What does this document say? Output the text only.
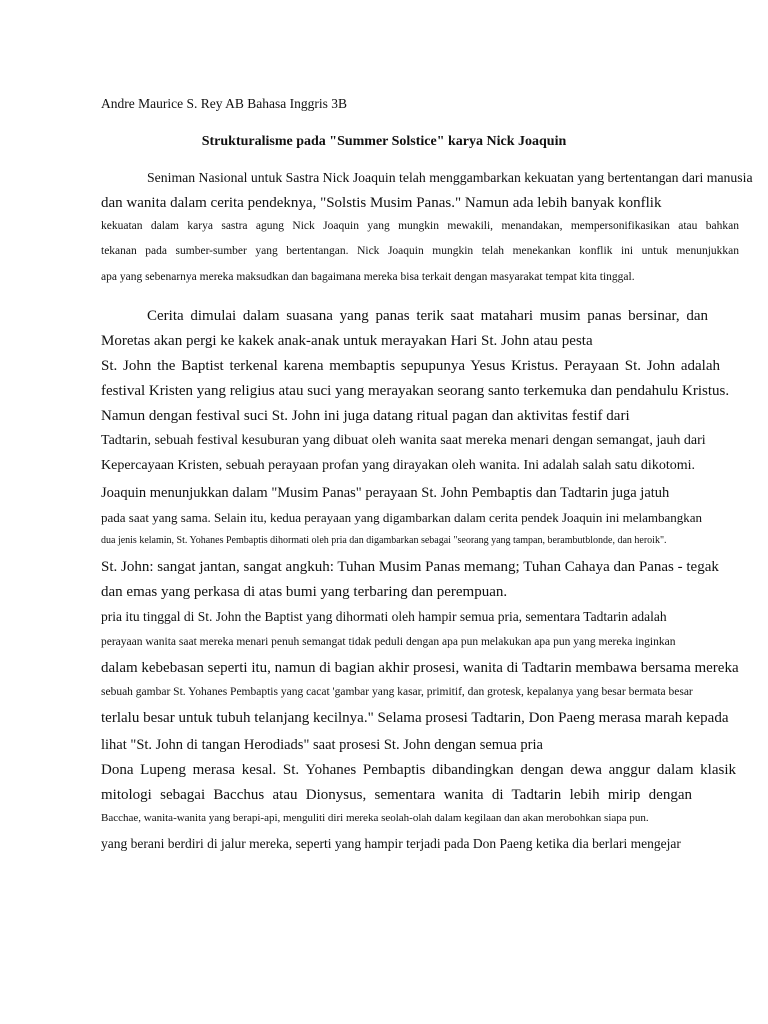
Andre Maurice S. Rey AB Bahasa Inggris 3B
Strukturalisme pada "Summer Solstice" karya Nick Joaquin
Seniman Nasional untuk Sastra Nick Joaquin telah menggambarkan kekuatan yang bertentangan dari manusia
dan wanita dalam cerita pendeknya, "Solstis Musim Panas." Namun ada lebih banyak konflik
kekuatan dalam karya sastra agung Nick Joaquin yang mungkin mewakili, menandakan, mempersonifikasikan atau bahkan
tekanan pada sumber-sumber yang bertentangan. Nick Joaquin mungkin telah menekankan konflik ini untuk menunjukkan
apa yang sebenarnya mereka maksudkan dan bagaimana mereka bisa terkait dengan masyarakat tempat kita tinggal.
Cerita dimulai dalam suasana yang panas terik saat matahari musim panas bersinar, dan
Moretas akan pergi ke kakek anak-anak untuk merayakan Hari St. John atau pesta
St. John the Baptist terkenal karena membaptis sepupunya Yesus Kristus. Perayaan St. John adalah
festival Kristen yang religius atau suci yang merayakan seorang santo terkemuka dan pendahulu Kristus.
Namun dengan festival suci St. John ini juga datang ritual pagan dan aktivitas festif dari
Tadtarin, sebuah festival kesuburan yang dibuat oleh wanita saat mereka menari dengan semangat, jauh dari
Kepercayaan Kristen, sebuah perayaan profan yang dirayakan oleh wanita. Ini adalah salah satu dikotomi.
Joaquin menunjukkan dalam "Musim Panas" perayaan St. John Pembaptis dan Tadtarin juga jatuh
pada saat yang sama. Selain itu, kedua perayaan yang digambarkan dalam cerita pendek Joaquin ini melambangkan
dua jenis kelamin, St. Yohanes Pembaptis dihormati oleh pria dan digambarkan sebagai "seorang yang tampan, berambutblonde, dan heroik".
St. John: sangat jantan, sangat angkuh: Tuhan Musim Panas memang; Tuhan Cahaya dan Panas - tegak
dan emas yang perkasa di atas bumi yang terbaring dan perempuan.
pria itu tinggal di St. John the Baptist yang dihormati oleh hampir semua pria, sementara Tadtarin adalah
perayaan wanita saat mereka menari penuh semangat tidak peduli dengan apa pun melakukan apa pun yang mereka inginkan
dalam kebebasan seperti itu, namun di bagian akhir prosesi, wanita di Tadtarin membawa bersama mereka
sebuah gambar St. Yohanes Pembaptis yang cacat 'gambar yang kasar, primitif, dan grotesk, kepalanya yang besar bermata besar
terlalu besar untuk tubuh telanjang kecilnya." Selama prosesi Tadtarin, Don Paeng merasa marah kepada
lihat "St. John di tangan Herodiads" saat prosesi St. John dengan semua pria
Dona Lupeng merasa kesal. St. Yohanes Pembaptis dibandingkan dengan dewa anggur dalam klasik
mitologi sebagai Bacchus atau Dionysus, sementara wanita di Tadtarin lebih mirip dengan
Bacchae, wanita-wanita yang berapi-api, menguliti diri mereka seolah-olah dalam kegilaan dan akan merobohkan siapa pun.
yang berani berdiri di jalur mereka, seperti yang hampir terjadi pada Don Paeng ketika dia berlari mengejar
